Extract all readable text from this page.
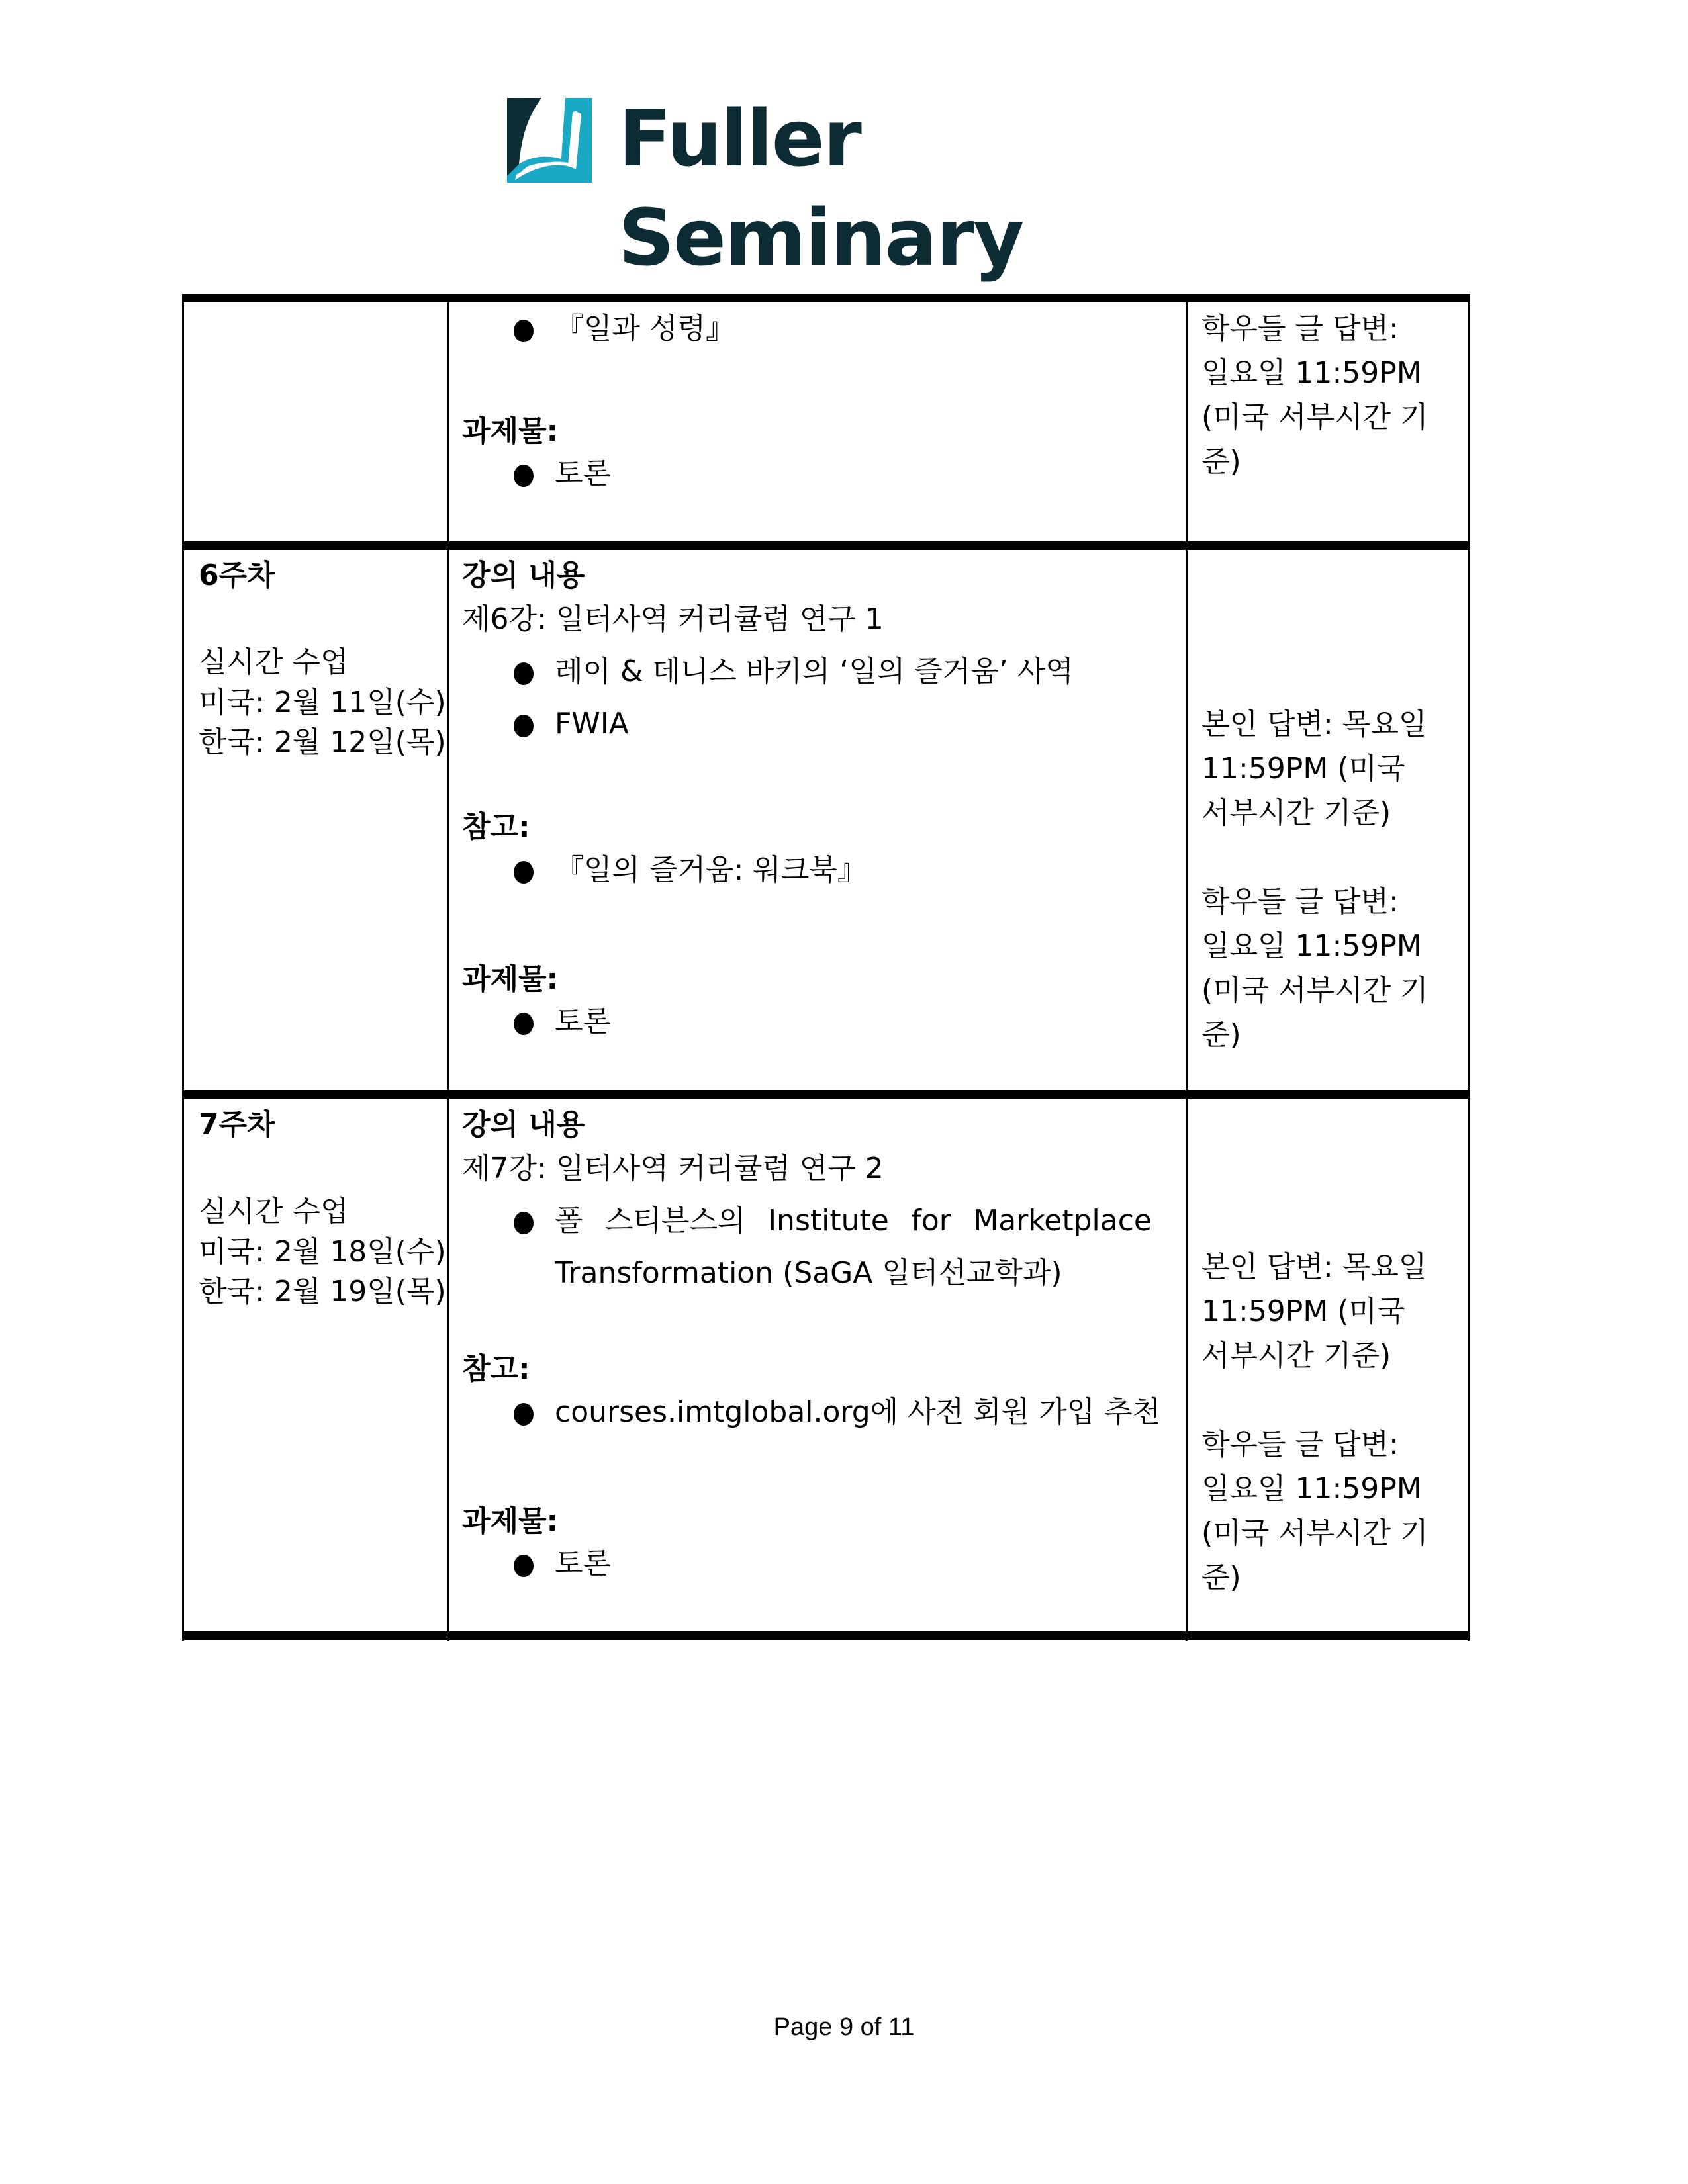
Fuller Seminary
『일과 성령』
과제물:
토론
학우들 글 답변:
일요일 11:59PM
(미국 서부시간 기
준)
6주차
실시간 수업
미국: 2월 11일(수)
한국: 2월 12일(목)
강의 내용
제6강: 일터사역 커리큘럼 연구 1
레이 & 데니스 바키의 ‘일의 즐거움’ 사역
FWIA
참고:
『일의 즐거움: 워크북』
과제물:
토론
본인 답변: 목요일
11:59PM (미국
서부시간 기준)
학우들 글 답변:
일요일 11:59PM
(미국 서부시간 기
준)
7주차
실시간 수업
미국: 2월 18일(수)
한국: 2월 19일(목)
강의 내용
제7강: 일터사역 커리큘럼 연구 2
폴 스티븐스의 Institute for Marketplace
Transformation (SaGA 일터선교학과)
참고:
courses.imtglobal.org에 사전 회원 가입 추천
과제물:
토론
본인 답변: 목요일
11:59PM (미국
서부시간 기준)
학우들 글 답변:
일요일 11:59PM
(미국 서부시간 기
준)
Page 9 of 11
